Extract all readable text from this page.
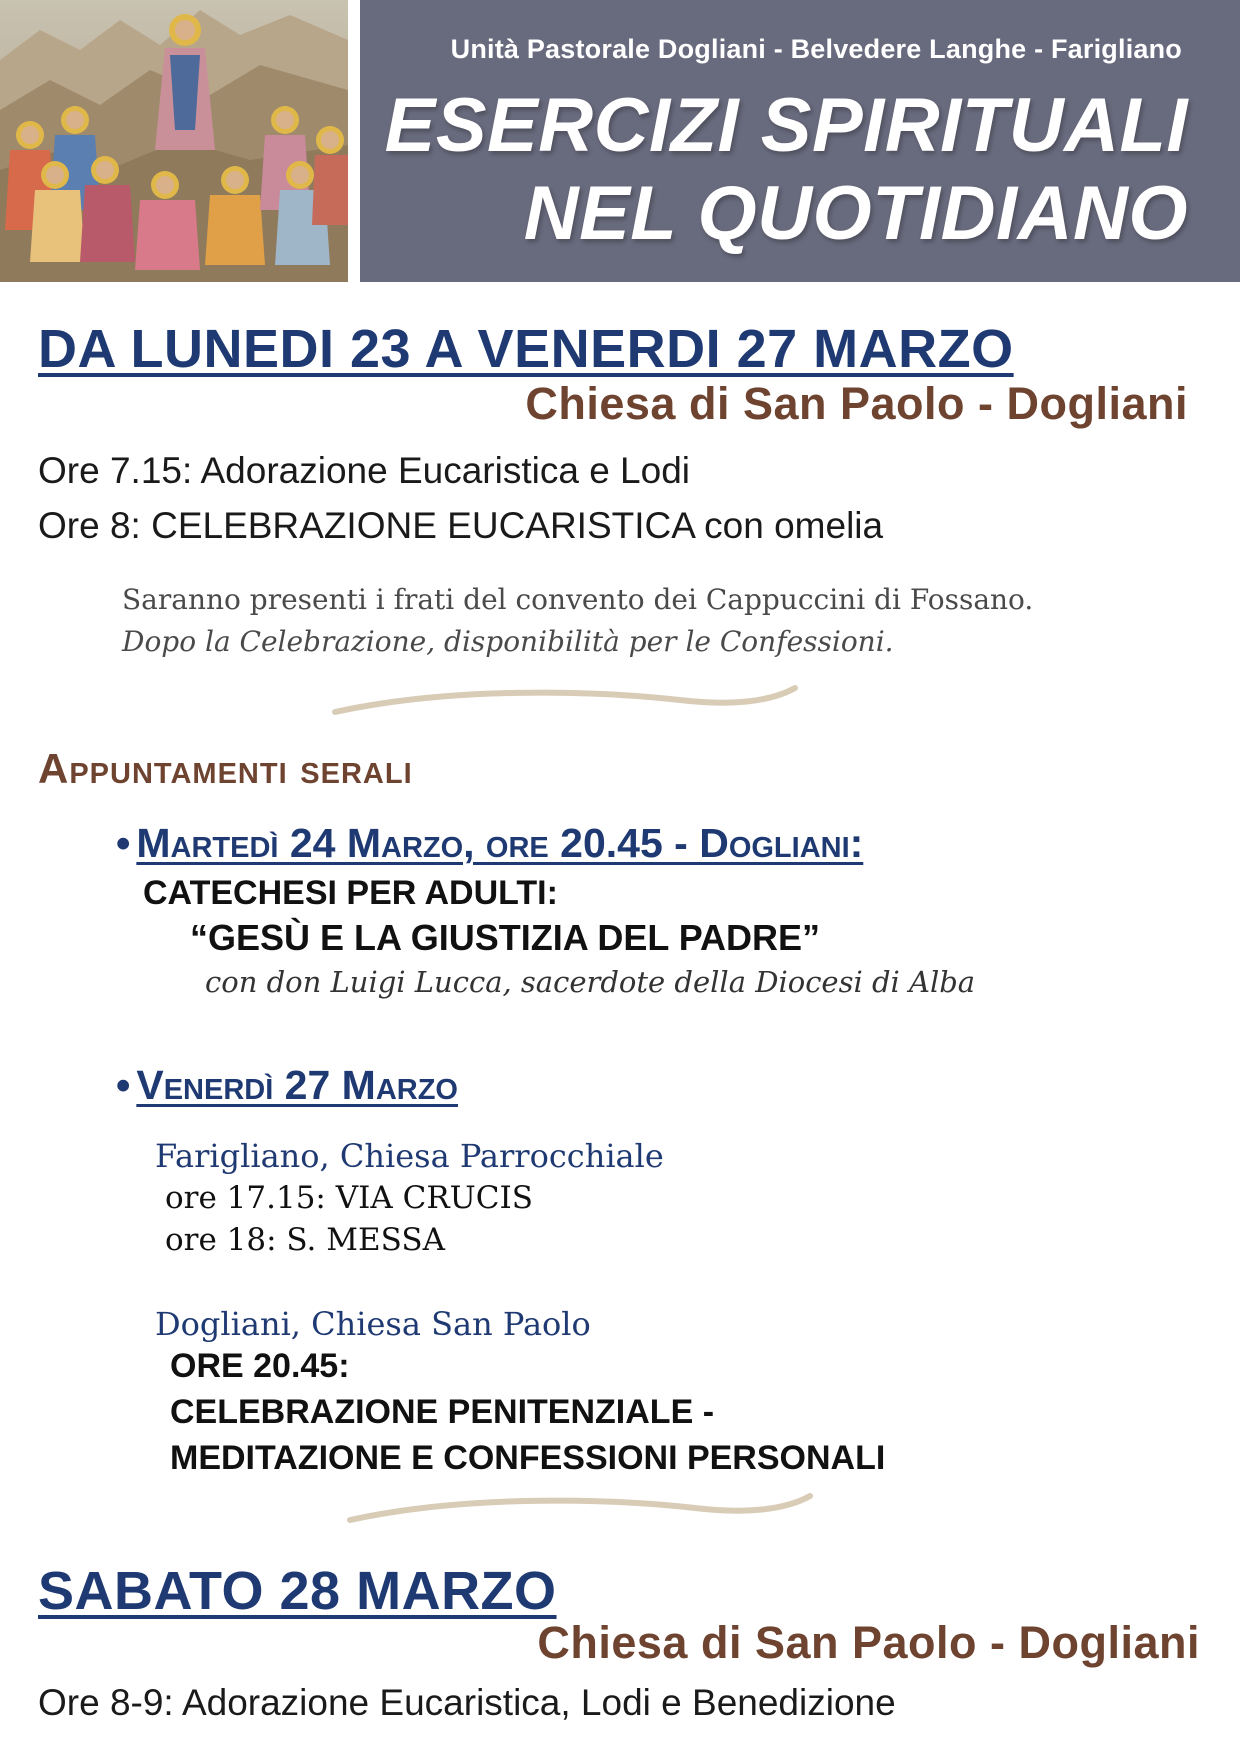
Unità Pastorale Dogliani - Belvedere Langhe - Farigliano
ESERCIZI SPIRITUALI
NEL QUOTIDIANO
DA LUNEDI 23 A VENERDI 27 MARZO
Chiesa di San Paolo - Dogliani
Ore 7.15: Adorazione Eucaristica e Lodi
Ore 8: CELEBRAZIONE EUCARISTICA con omelia
Saranno presenti i frati del convento dei Cappuccini di Fossano.
Dopo la Celebrazione, disponibilità per le Confessioni.
Appuntamenti serali
• Martedì 24 Marzo, ore 20.45 - Dogliani:
CATECHESI PER ADULTI:
“GESÙ E LA GIUSTIZIA DEL PADRE”
con don Luigi Lucca, sacerdote della Diocesi di Alba
• Venerdì 27 Marzo
Farigliano, Chiesa Parrocchiale
ore 17.15: VIA CRUCIS
ore 18: S. MESSA
Dogliani, Chiesa San Paolo
ORE 20.45:
CELEBRAZIONE PENITENZIALE -
MEDITAZIONE E CONFESSIONI PERSONALI
SABATO 28 MARZO
Chiesa di San Paolo - Dogliani
Ore 8-9: Adorazione Eucaristica, Lodi e Benedizione
